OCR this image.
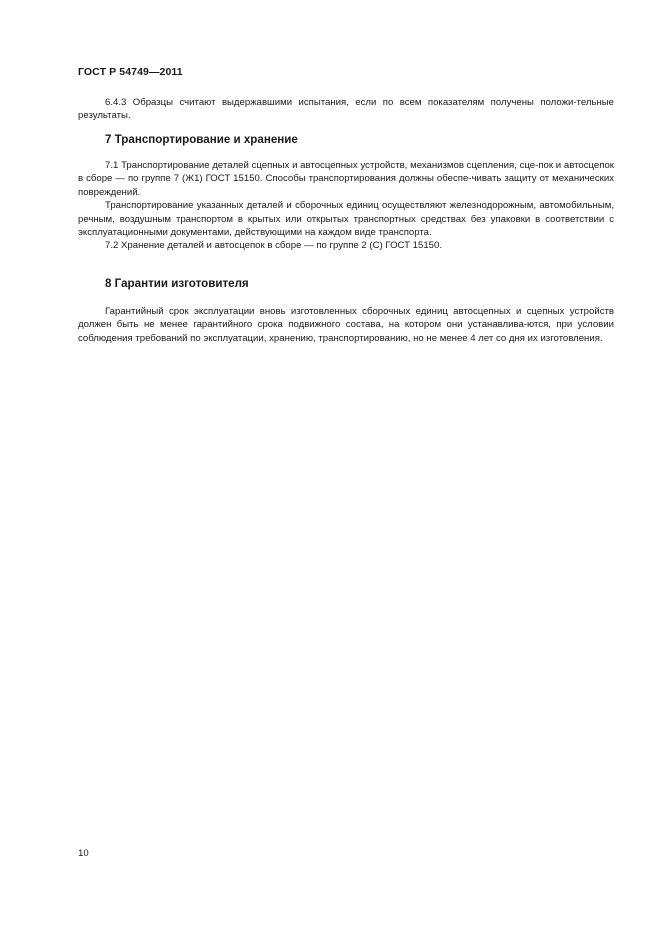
ГОСТ Р 54749—2011

6.4.3 Образцы считают выдержавшими испытания, если по всем показателям получены положи-тельные результаты.

7 Транспортирование и хранение

7.1 Транспортирование деталей сцепных и автосцепных устройств, механизмов сцепления, сце-пок и автосцепок в сборе — по группе 7 (Ж1) ГОСТ 15150. Способы транспортирования должны обеспе-чивать защиту от механических повреждений.

Транспортирование указанных деталей и сборочных единиц осуществляют железнодорожным, автомобильным, речным, воздушным транспортом в крытых или открытых транспортных средствах без упаковки в соответствии с эксплуатационными документами, действующими на каждом виде транспорта.

7.2 Хранение деталей и автосцепок в сборе — по группе 2 (С) ГОСТ 15150.

8 Гарантии изготовителя

Гарантийный срок эксплуатации вновь изготовленных сборочных единиц автосцепных и сцепных устройств должен быть не менее гарантийного срока подвижного состава, на котором они устанавлива-ются, при условии соблюдения требований по эксплуатации, хранению, транспортированию, но не менее 4 лет со дня их изготовления.

10
